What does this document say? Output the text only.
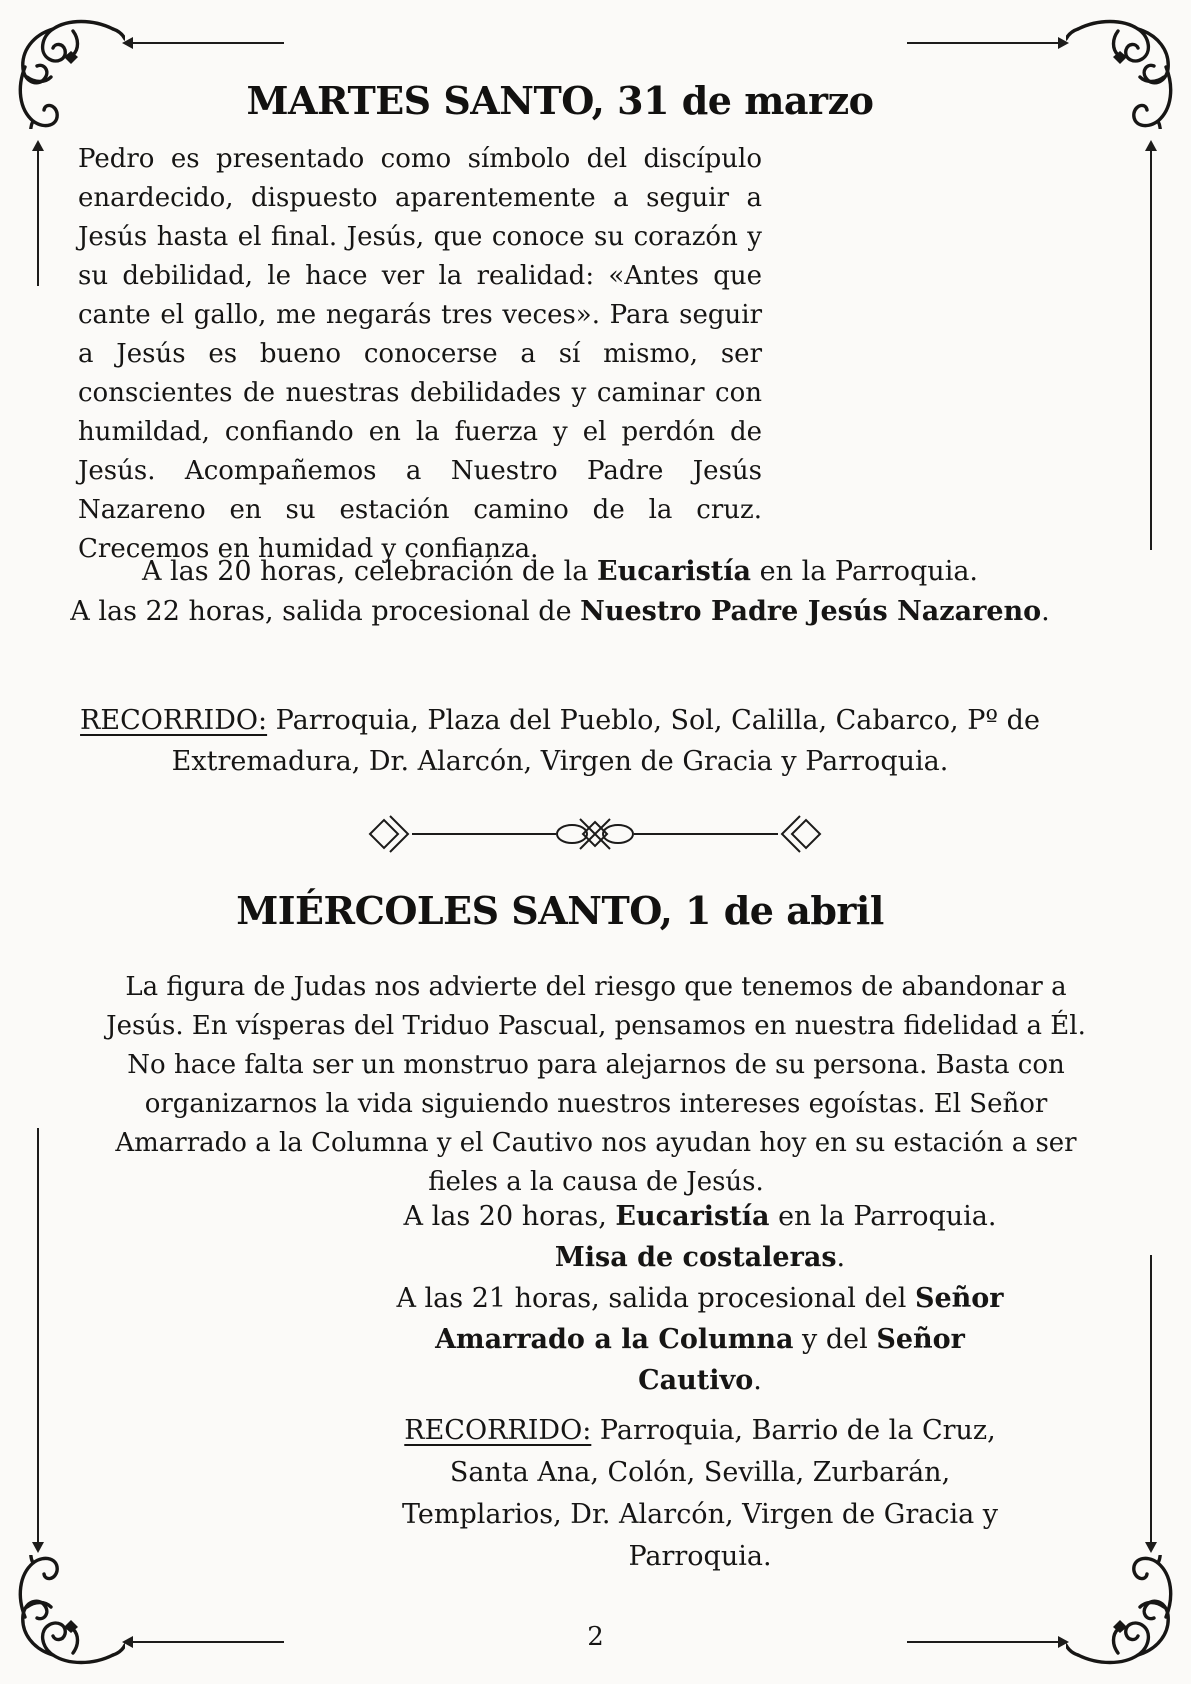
MARTES SANTO, 31 de marzo

Pedro es presentado como símbolo del discípulo enardecido, dispuesto aparentemente a seguir a Jesús hasta el final. Jesús, que conoce su corazón y su debilidad, le hace ver la realidad: «Antes que cante el gallo, me negarás tres veces». Para seguir a Jesús es bueno conocerse a sí mismo, ser conscientes de nuestras debilidades y caminar con humildad, confiando en la fuerza y el perdón de Jesús. Acompañemos a Nuestro Padre Jesús Nazareno en su estación camino de la cruz. Crecemos en humidad y confianza.

A las 20 horas, celebración de la Eucaristía en la Parroquia.
A las 22 horas, salida procesional de Nuestro Padre Jesús Nazareno.
RECORRIDO: Parroquia, Plaza del Pueblo, Sol, Calilla, Cabarco, Pº de Extremadura, Dr. Alarcón, Virgen de Gracia y Parroquia.
MIÉRCOLES SANTO, 1 de abril

La figura de Judas nos advierte del riesgo que tenemos de abandonar a Jesús. En vísperas del Triduo Pascual, pensamos en nuestra fidelidad a Él. No hace falta ser un monstruo para alejarnos de su persona. Basta con organizarnos la vida siguiendo nuestros intereses egoístas. El Señor Amarrado a la Columna y el Cautivo nos ayudan hoy en su estación a ser fieles a la causa de Jesús.

A las 20 horas, Eucaristía en la Parroquia. Misa de costaleras.
A las 21 horas, salida procesional del Señor Amarrado a la Columna y del Señor Cautivo.
RECORRIDO: Parroquia, Barrio de la Cruz, Santa Ana, Colón, Sevilla, Zurbarán, Templarios, Dr. Alarcón, Virgen de Gracia y Parroquia.
2
